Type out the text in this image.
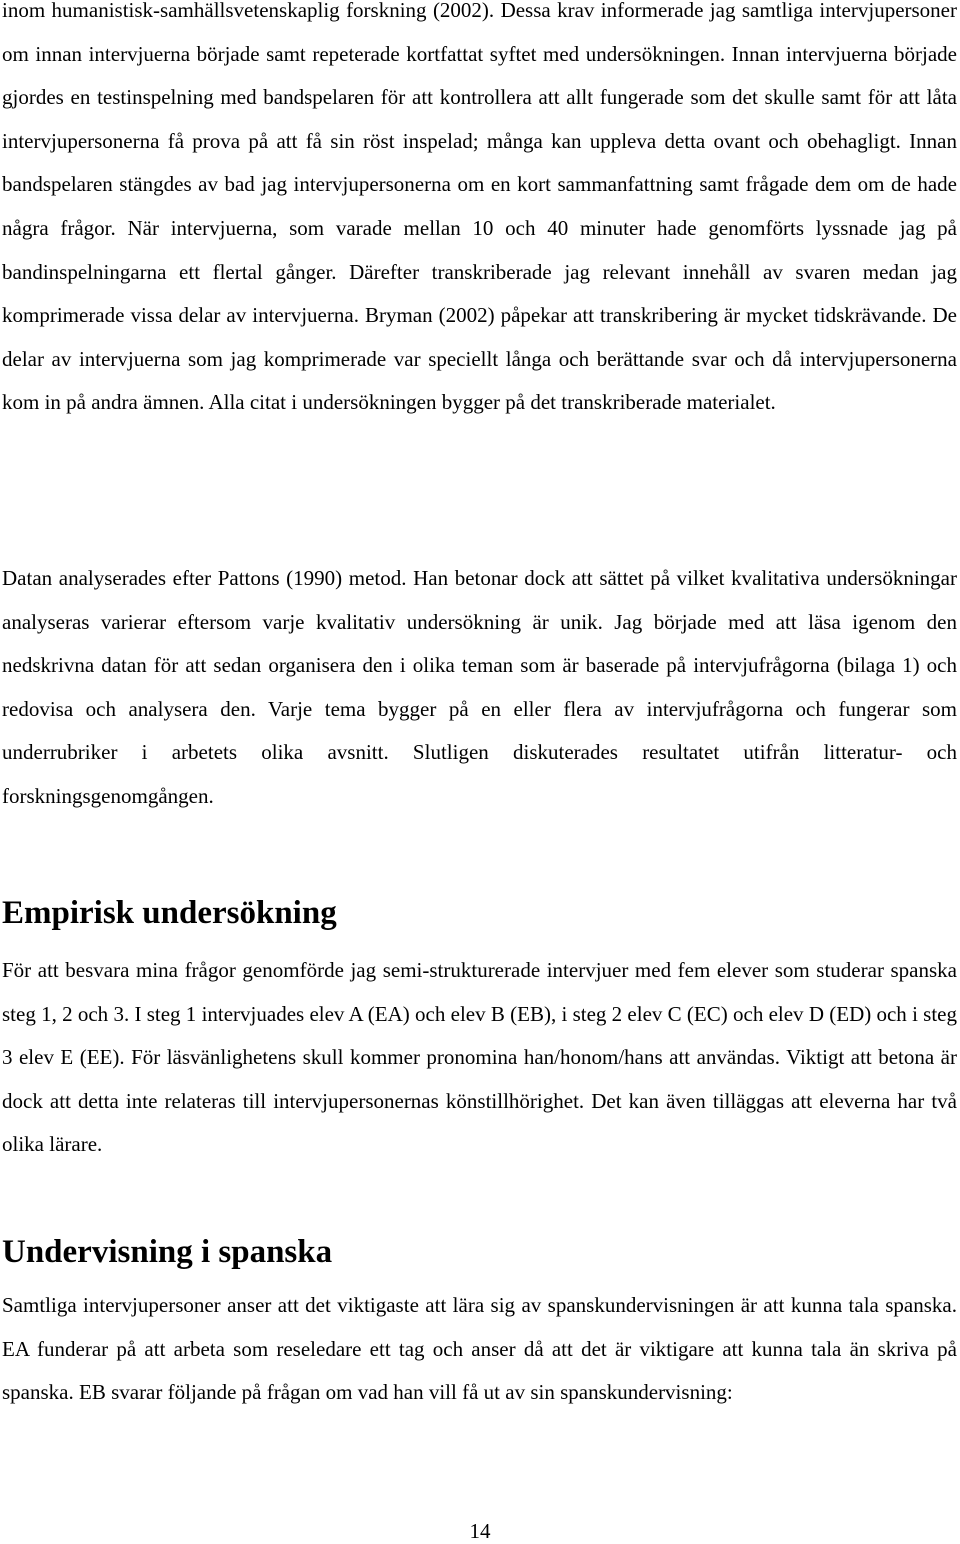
inom humanistisk-samhällsvetenskaplig forskning (2002). Dessa krav informerade jag samtliga intervjupersoner om innan intervjuerna började samt repeterade kortfattat syftet med undersökningen. Innan intervjuerna började gjordes en testinspelning med bandspelaren för att kontrollera att allt fungerade som det skulle samt för att låta intervjupersonerna få prova på att få sin röst inspelad; många kan uppleva detta ovant och obehagligt. Innan bandspelaren stängdes av bad jag intervjupersonerna om en kort sammanfattning samt frågade dem om de hade några frågor. När intervjuerna, som varade mellan 10 och 40 minuter hade genomförts lyssnade jag på bandinspelningarna ett flertal gånger. Därefter transkriberade jag relevant innehåll av svaren medan jag komprimerade vissa delar av intervjuerna. Bryman (2002) påpekar att transkribering är mycket tidskrävande. De delar av intervjuerna som jag komprimerade var speciellt långa och berättande svar och då intervjupersonerna kom in på andra ämnen. Alla citat i undersökningen bygger på det transkriberade materialet.

Datan analyserades efter Pattons (1990) metod. Han betonar dock att sättet på vilket kvalitativa undersökningar analyseras varierar eftersom varje kvalitativ undersökning är unik. Jag började med att läsa igenom den nedskrivna datan för att sedan organisera den i olika teman som är baserade på intervjufrågorna (bilaga 1) och redovisa och analysera den. Varje tema bygger på en eller flera av intervjufrågorna och fungerar som underrubriker i arbetets olika avsnitt. Slutligen diskuterades resultatet utifrån litteratur- och forskningsgenomgången.

Empirisk undersökning

För att besvara mina frågor genomförde jag semi-strukturerade intervjuer med fem elever som studerar spanska steg 1, 2 och 3. I steg 1 intervjuades elev A (EA) och elev B (EB), i steg 2 elev C (EC) och elev D (ED) och i steg 3 elev E (EE). För läsvänlighetens skull kommer pronomina han/honom/hans att användas. Viktigt att betona är dock att detta inte relateras till intervjupersonernas könstillhörighet. Det kan även tilläggas att eleverna har två olika lärare.

Undervisning i spanska

Samtliga intervjupersoner anser att det viktigaste att lära sig av spanskundervisningen är att kunna tala spanska. EA funderar på att arbeta som reseledare ett tag och anser då att det är viktigare att kunna tala än skriva på spanska. EB svarar följande på frågan om vad han vill få ut av sin spanskundervisning:

14
